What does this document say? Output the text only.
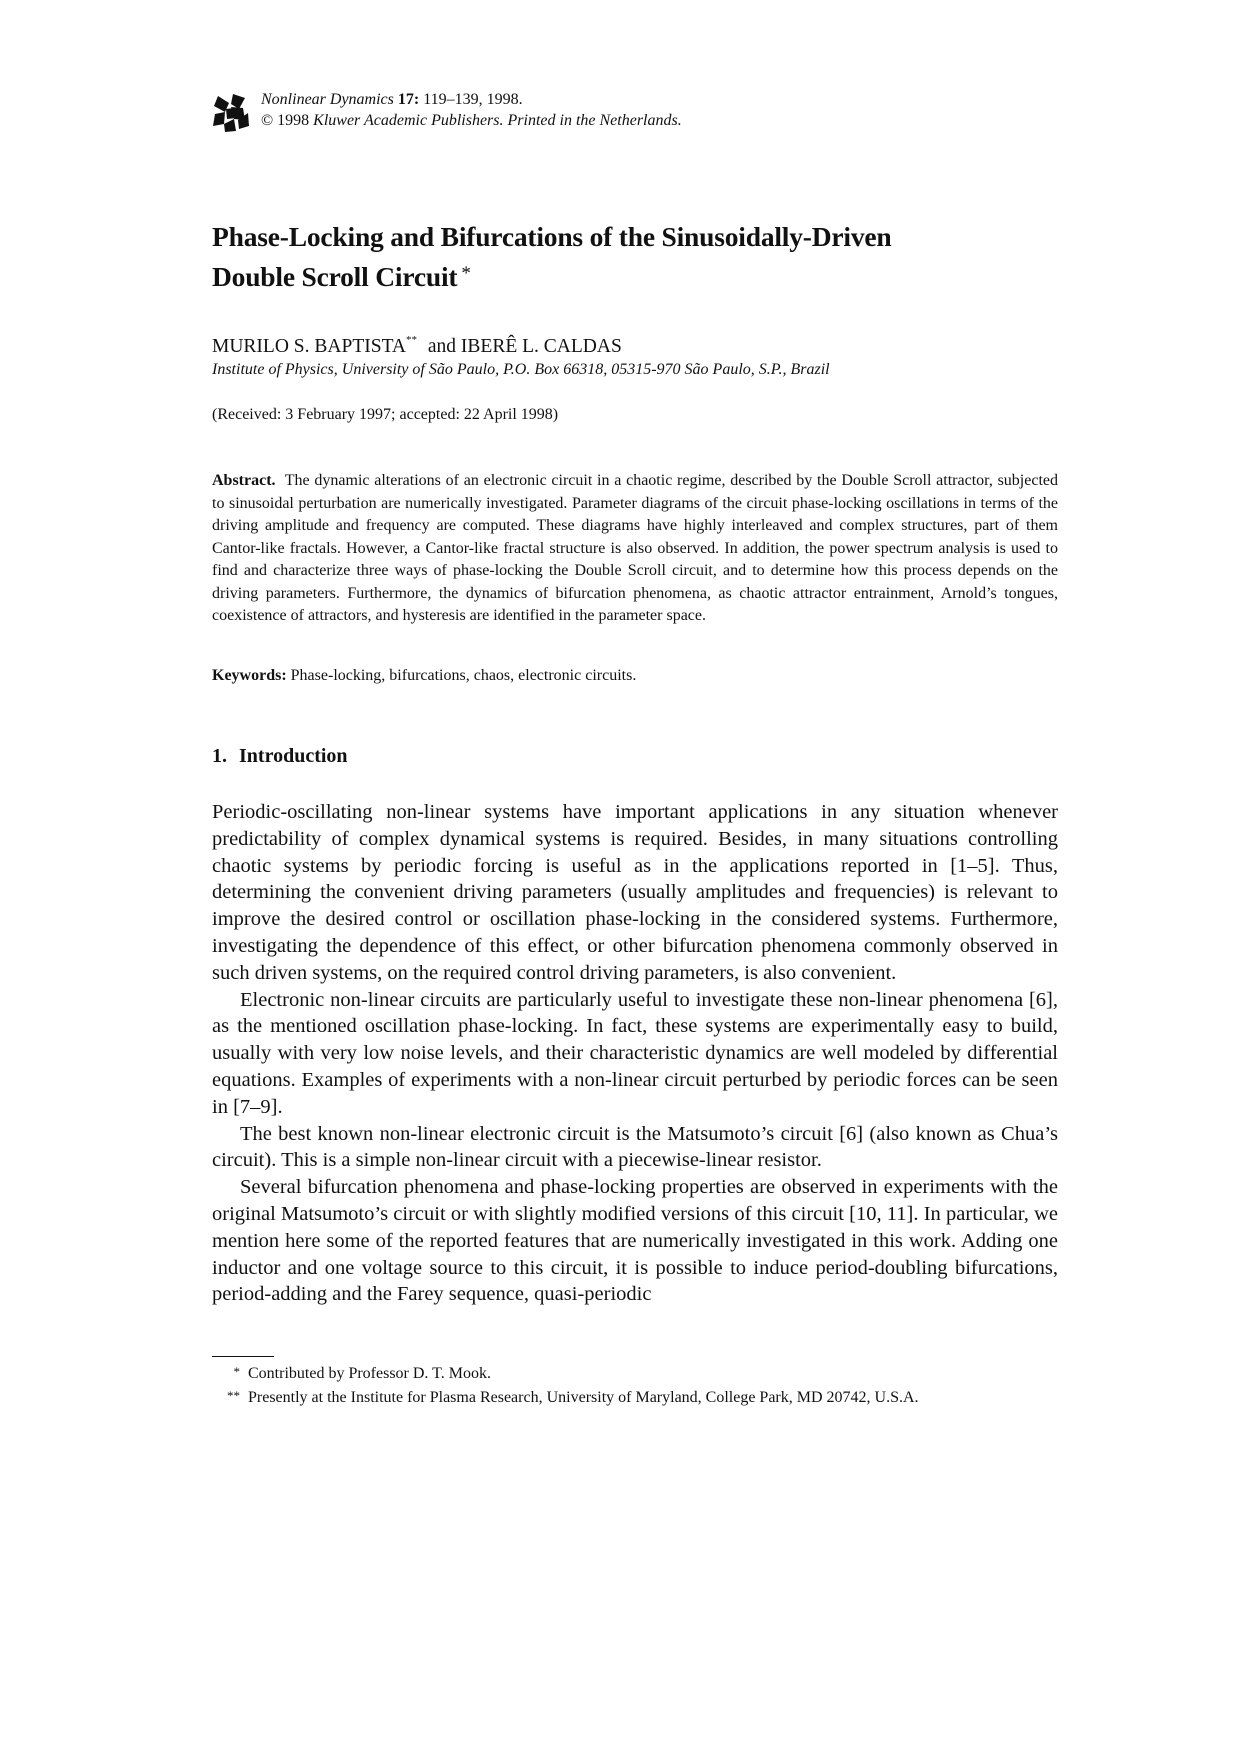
Nonlinear Dynamics 17: 119–139, 1998.
© 1998 Kluwer Academic Publishers. Printed in the Netherlands.
Phase-Locking and Bifurcations of the Sinusoidally-Driven
Double Scroll Circuit *
MURILO S. BAPTISTA** and IBERÊ L. CALDAS
Institute of Physics, University of São Paulo, P.O. Box 66318, 05315-970 São Paulo, S.P., Brazil
(Received: 3 February 1997; accepted: 22 April 1998)

Abstract. The dynamic alterations of an electronic circuit in a chaotic regime, described by the Double Scroll attractor, subjected to sinusoidal perturbation are numerically investigated. Parameter diagrams of the circuit phase-locking oscillations in terms of the driving amplitude and frequency are computed. These diagrams have highly interleaved and complex structures, part of them Cantor-like fractals. However, a Cantor-like fractal structure is also observed. In addition, the power spectrum analysis is used to find and characterize three ways of phase-locking the Double Scroll circuit, and to determine how this process depends on the driving parameters. Furthermore, the dynamics of bifurcation phenomena, as chaotic attractor entrainment, Arnold’s tongues, coexistence of attractors, and hysteresis are identified in the parameter space.

Keywords: Phase-locking, bifurcations, chaos, electronic circuits.
1. Introduction

Periodic-oscillating non-linear systems have important applications in any situation whenever predictability of complex dynamical systems is required. Besides, in many situations controlling chaotic systems by periodic forcing is useful as in the applications reported in [1–5]. Thus, determining the convenient driving parameters (usually amplitudes and frequencies) is relevant to improve the desired control or oscillation phase-locking in the considered systems. Furthermore, investigating the dependence of this effect, or other bifurcation phenomena commonly observed in such driven systems, on the required control driving parameters, is also convenient.

Electronic non-linear circuits are particularly useful to investigate these non-linear phenomena [6], as the mentioned oscillation phase-locking. In fact, these systems are experimentally easy to build, usually with very low noise levels, and their characteristic dynamics are well modeled by differential equations. Examples of experiments with a non-linear circuit perturbed by periodic forces can be seen in [7–9].

The best known non-linear electronic circuit is the Matsumoto’s circuit [6] (also known as Chua’s circuit). This is a simple non-linear circuit with a piecewise-linear resistor.

Several bifurcation phenomena and phase-locking properties are observed in experiments with the original Matsumoto’s circuit or with slightly modified versions of this circuit [10, 11]. In particular, we mention here some of the reported features that are numerically investigated in this work. Adding one inductor and one voltage source to this circuit, it is possible to induce period-doubling bifurcations, period-adding and the Farey sequence, quasi-periodic

* Contributed by Professor D. T. Mook.
** Presently at the Institute for Plasma Research, University of Maryland, College Park, MD 20742, U.S.A.
